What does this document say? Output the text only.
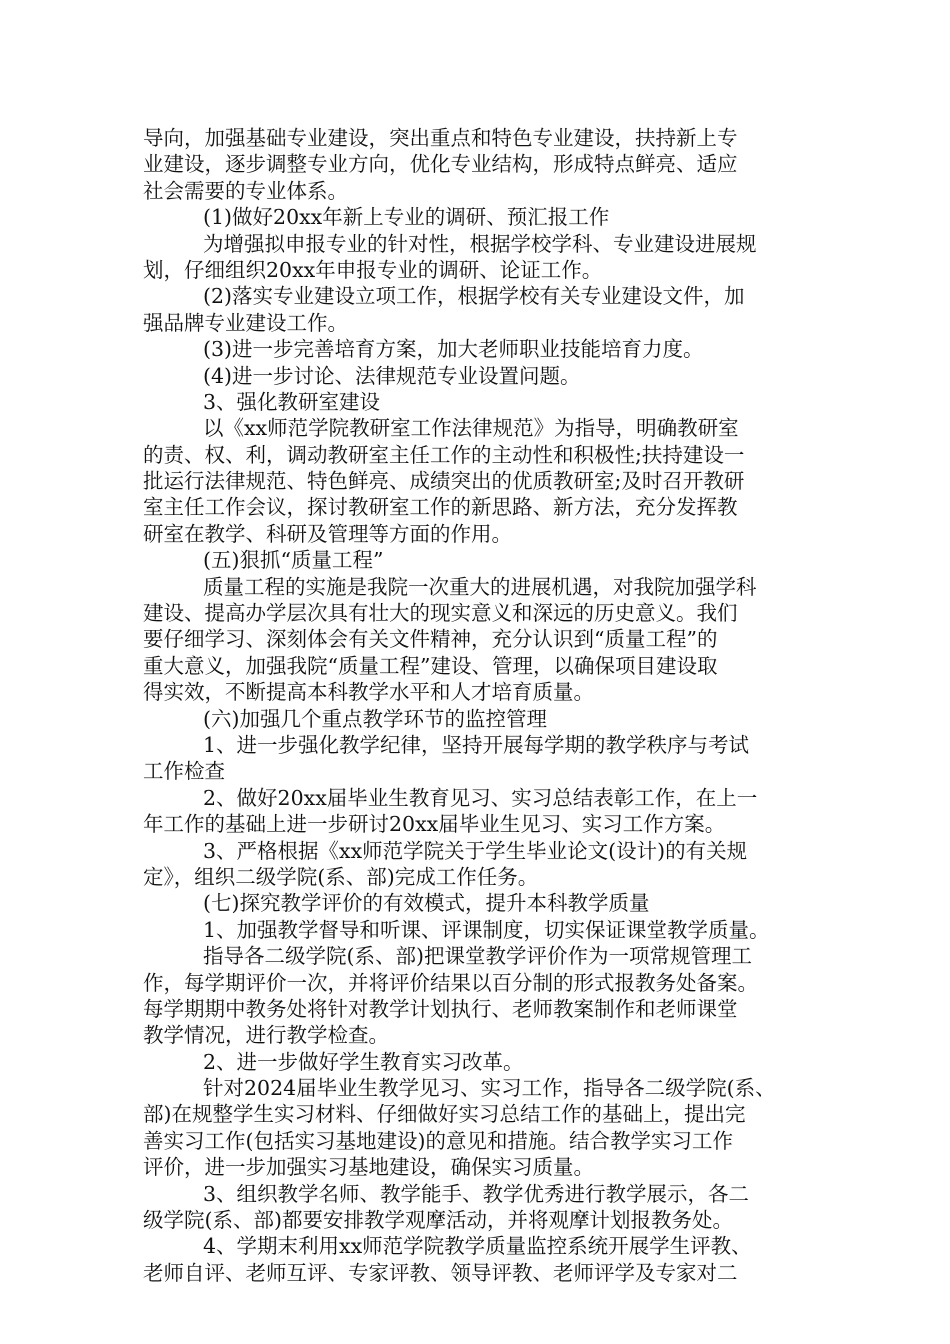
导向，加强基础专业建设，突出重点和特色专业建设，扶持新上专
业建设，逐步调整专业方向，优化专业结构，形成特点鲜亮、适应
社会需要的专业体系。
(1)做好20xx年新上专业的调研、预汇报工作
为增强拟申报专业的针对性，根据学校学科、专业建设进展规
划，仔细组织20xx年申报专业的调研、论证工作。
(2)落实专业建设立项工作，根据学校有关专业建设文件，加
强品牌专业建设工作。
(3)进一步完善培育方案，加大老师职业技能培育力度。
(4)进一步讨论、法律规范专业设置问题。
3、强化教研室建设
以《xx师范学院教研室工作法律规范》为指导，明确教研室
的责、权、利，调动教研室主任工作的主动性和积极性;扶持建设一
批运行法律规范、特色鲜亮、成绩突出的优质教研室;及时召开教研
室主任工作会议，探讨教研室工作的新思路、新方法，充分发挥教
研室在教学、科研及管理等方面的作用。
(五)狠抓“质量工程”
质量工程的实施是我院一次重大的进展机遇，对我院加强学科
建设、提高办学层次具有壮大的现实意义和深远的历史意义。我们
要仔细学习、深刻体会有关文件精神，充分认识到“质量工程”的
重大意义，加强我院“质量工程”建设、管理，以确保项目建设取
得实效，不断提高本科教学水平和人才培育质量。
(六)加强几个重点教学环节的监控管理
1、进一步强化教学纪律，坚持开展每学期的教学秩序与考试
工作检查
2、做好20xx届毕业生教育见习、实习总结表彰工作，在上一
年工作的基础上进一步研讨20xx届毕业生见习、实习工作方案。
3、严格根据《xx师范学院关于学生毕业论文(设计)的有关规
定》，组织二级学院(系、部)完成工作任务。
(七)探究教学评价的有效模式，提升本科教学质量
1、加强教学督导和听课、评课制度，切实保证课堂教学质量。
指导各二级学院(系、部)把课堂教学评价作为一项常规管理工
作，每学期评价一次，并将评价结果以百分制的形式报教务处备案。
每学期期中教务处将针对教学计划执行、老师教案制作和老师课堂
教学情况，进行教学检查。
2、进一步做好学生教育实习改革。
针对2024届毕业生教学见习、实习工作，指导各二级学院(系、
部)在规整学生实习材料、仔细做好实习总结工作的基础上，提出完
善实习工作(包括实习基地建设)的意见和措施。结合教学实习工作
评价，进一步加强实习基地建设，确保实习质量。
3、组织教学名师、教学能手、教学优秀进行教学展示，各二
级学院(系、部)都要安排教学观摩活动，并将观摩计划报教务处。
4、学期末利用xx师范学院教学质量监控系统开展学生评教、
老师自评、老师互评、专家评教、领导评教、老师评学及专家对二
